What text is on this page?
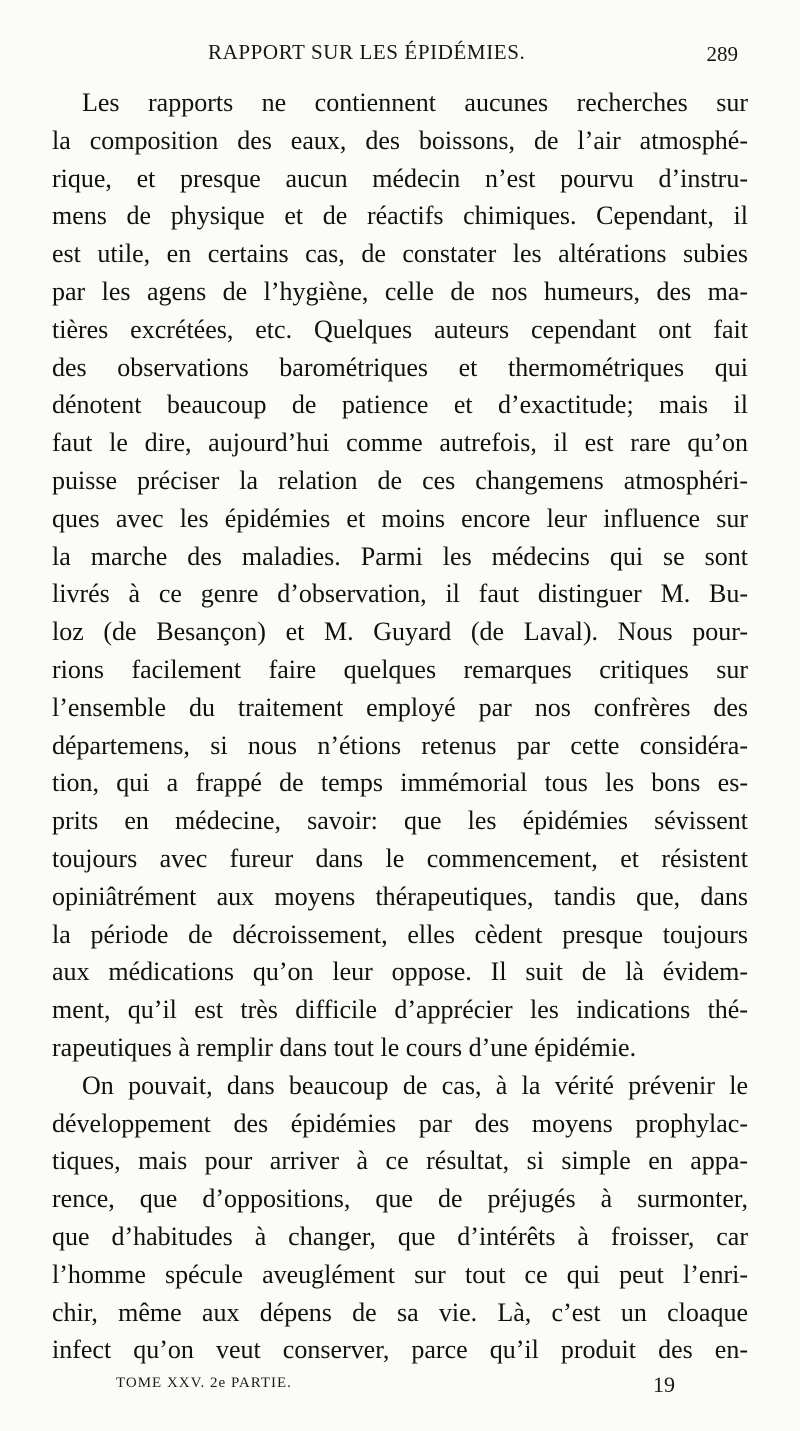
RAPPORT SUR LES ÉPIDÉMIES.	289
Les rapports ne contiennent aucunes recherches sur
la composition des eaux, des boissons, de l’air atmosphé-
rique, et presque aucun médecin n’est pourvu d’instru-
mens de physique et de réactifs chimiques. Cependant, il
est utile, en certains cas, de constater les altérations subies
par les agens de l’hygiène, celle de nos humeurs, des ma-
tières excrétées, etc. Quelques auteurs cependant ont fait
des observations barométriques et thermométriques qui
dénotent beaucoup de patience et d’exactitude; mais il
faut le dire, aujourd’hui comme autrefois, il est rare qu’on
puisse préciser la relation de ces changemens atmosphéri-
ques avec les épidémies et moins encore leur influence sur
la marche des maladies. Parmi les médecins qui se sont
livrés à ce genre d’observation, il faut distinguer M. Bu-
loz (de Besançon) et M. Guyard (de Laval). Nous pour-
rions facilement faire quelques remarques critiques sur
l’ensemble du traitement employé par nos confrères des
départemens, si nous n’étions retenus par cette considéra-
tion, qui a frappé de temps immémorial tous les bons es-
prits en médecine, savoir: que les épidémies sévissent
toujours avec fureur dans le commencement, et résistent
opiniâtrément aux moyens thérapeutiques, tandis que, dans
la période de décroissement, elles cèdent presque toujours
aux médications qu’on leur oppose. Il suit de là évidem-
ment, qu’il est très difficile d’apprécier les indications thé-
rapeutiques à remplir dans tout le cours d’une épidémie.
On pouvait, dans beaucoup de cas, à la vérité prévenir le
développement des épidémies par des moyens prophylac-
tiques, mais pour arriver à ce résultat, si simple en appa-
rence, que d’oppositions, que de préjugés à surmonter,
que d’habitudes à changer, que d’intérêts à froisser, car
l’homme spécule aveuglément sur tout ce qui peut l’enri-
chir, même aux dépens de sa vie. Là, c’est un cloaque
infect qu’on veut conserver, parce qu’il produit des en-
TOME XXV. 2e PARTIE.	19
